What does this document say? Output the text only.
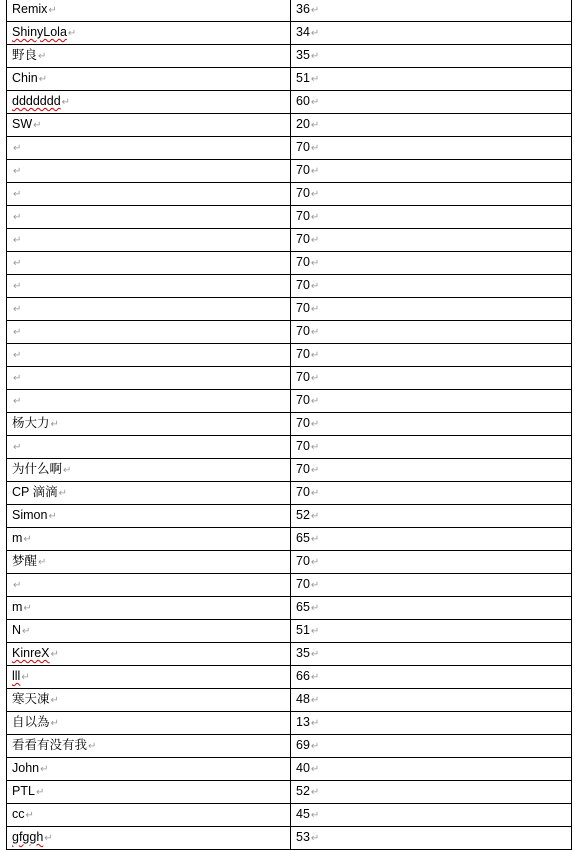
Remix↵	36↵
ShinyLola↵	34↵
野良↵	35↵
Chin↵	51↵
ddddddd↵	60↵
SW↵	20↵
↵	70↵
↵	70↵
↵	70↵
↵	70↵
↵	70↵
↵	70↵
↵	70↵
↵	70↵
↵	70↵
↵	70↵
↵	70↵
↵	70↵
杨大力↵	70↵
↵	70↵
为什么啊↵	70↵
CP 滴滴↵	70↵
Simon↵	52↵
m↵	65↵
梦醒↵	70↵
↵	70↵
m↵	65↵
N↵	51↵
KinreX↵	35↵
lll↵	66↵
寒天凍↵	48↵
自以為↵	13↵
看看有没有我↵	69↵
John↵	40↵
PTL↵	52↵
cc↵	45↵
gfggh↵	53↵
